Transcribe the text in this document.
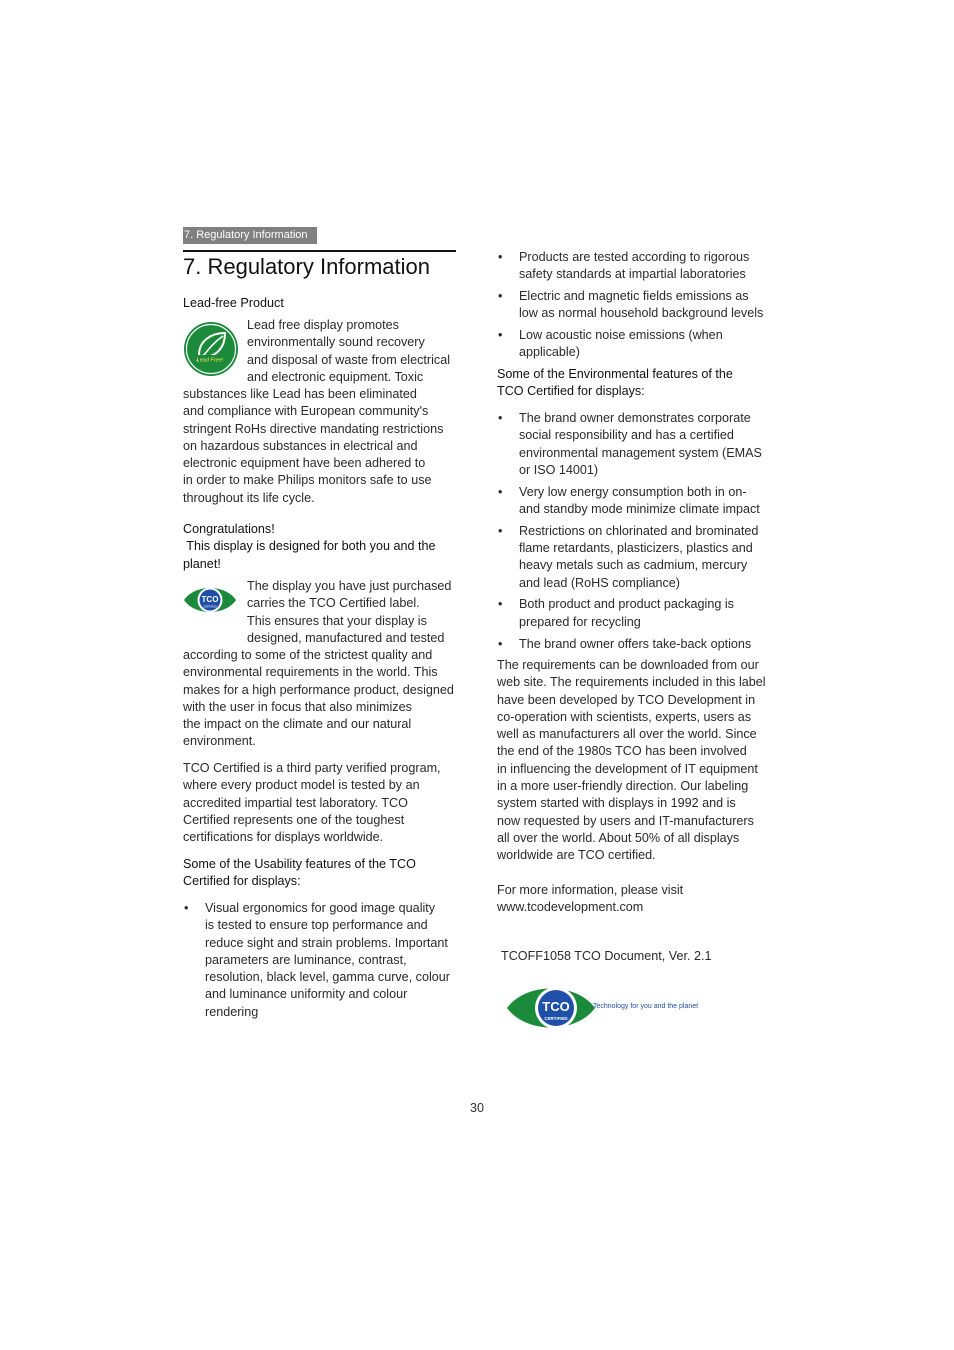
7. Regulatory Information
7. Regulatory Information
Lead-free Product
Lead Free!
Lead free display promotes
environmentally sound recovery
and disposal of waste from electrical
and electronic equipment. Toxic
substances like Lead has been eliminated
and compliance with European community's
stringent RoHs directive mandating restrictions
on hazardous substances in electrical and
electronic equipment have been adhered to
in order to make Philips monitors safe to use
throughout its life cycle.
Congratulations!
This display is designed for both you and the
planet!
TCO
CERTIFIED
The display you have just purchased
carries the TCO Certified label.
This ensures that your display is
designed, manufactured and tested
according to some of the strictest quality and
environmental requirements in the world. This
makes for a high performance product, designed
with the user in focus that also minimizes
the impact on the climate and our natural
environment.
TCO Certified is a third party verified program,
where every product model is tested by an
accredited impartial test laboratory. TCO
Certified represents one of the toughest
certifications for displays worldwide.
Some of the Usability features of the TCO
Certified for displays:
• Visual ergonomics for good image quality
is tested to ensure top performance and
reduce sight and strain problems. Important
parameters are luminance, contrast,
resolution, black level, gamma curve, colour
and luminance uniformity and colour
rendering
• Products are tested according to rigorous
safety standards at impartial laboratories
• Electric and magnetic fields emissions as
low as normal household background levels
• Low acoustic noise emissions (when
applicable)
Some of the Environmental features of the
TCO Certified for displays:
• The brand owner demonstrates corporate
social responsibility and has a certified
environmental management system (EMAS
or ISO 14001)
• Very low energy consumption both in on-
and standby mode minimize climate impact
• Restrictions on chlorinated and brominated
flame retardants, plasticizers, plastics and
heavy metals such as cadmium, mercury
and lead (RoHS compliance)
• Both product and product packaging is
prepared for recycling
• The brand owner offers take-back options
The requirements can be downloaded from our
web site. The requirements included in this label
have been developed by TCO Development in
co-operation with scientists, experts, users as
well as manufacturers all over the world. Since
the end of the 1980s TCO has been involved
in influencing the development of IT equipment
in a more user-friendly direction. Our labeling
system started with displays in 1992 and is
now requested by users and IT-manufacturers
all over the world. About 50% of all displays
worldwide are TCO certified.
For more information, please visit
www.tcodevelopment.com
TCOFF1058 TCO Document, Ver. 2.1
TCO
CERTIFIED
Technology for you and the planet
30
